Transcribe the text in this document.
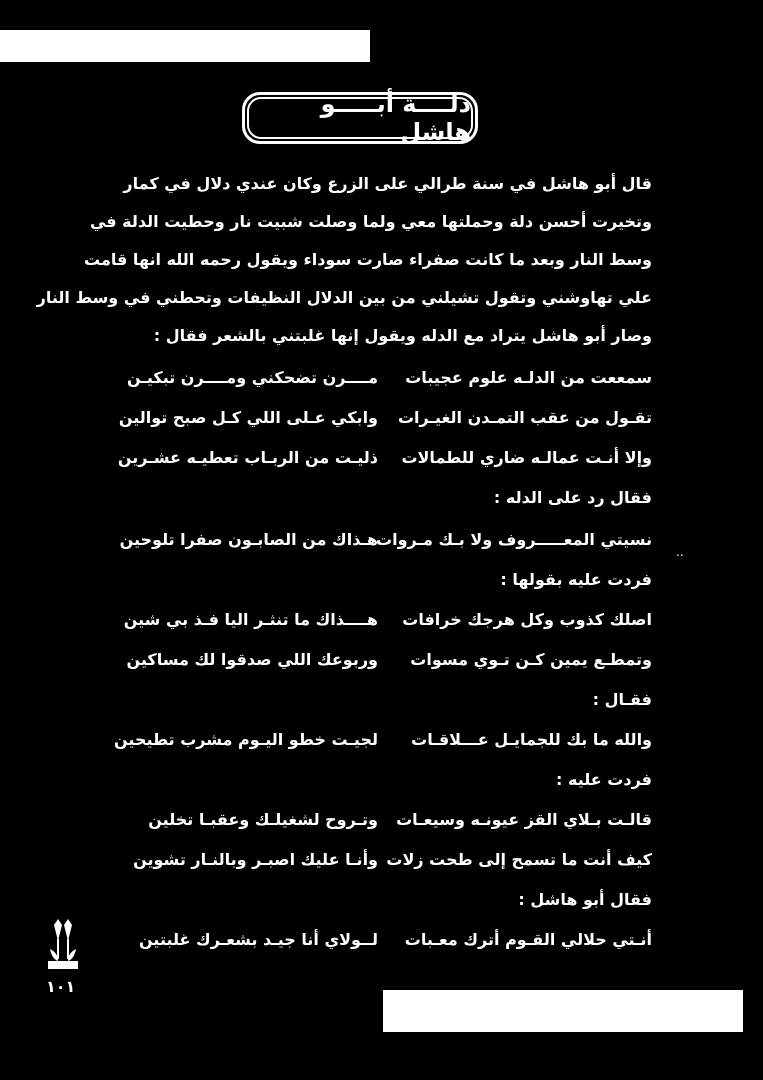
دلــــة أبـــــو هاشل
قال أبو هاشل في سنة طرالي على الزرع وكان عندي دلال في كمار
وتخيرت أحسن دلة وحملتها معي ولما وصلت شبيت نار وحطيت الدلة في
وسط النار وبعد ما كانت صفراء صارت سوداء ويقول رحمه الله انها قامت
علي تهاوشني وتقول تشيلني من بين الدلال النظيفات وتحطني في وسط النار
وصار أبو هاشل يتراد مع الدله ويقول إنها غلبتني بالشعر فقال :
سمععت من الدلـه علوم عجيبات
مــــرن تضحكني ومــــرن تبكيـن
تقـول من عقب التمـدن الغيـرات
وابكي عـلى اللي كـل صبح توالين
وإلا أنـت عمالـه ضاري للطمالات
ذليـت من الربـاب تعطيـه عشـرين
فقال رد على الدله :
نسيتي المعـــــروف ولا بـك مـروات
هـذاك من الصابـون صفرا تلوحين
فردت عليه بقولها :
اصلك كذوب وكل هرجك خرافات
هــــذاك ما تنثـر اليا فـذ بي شين
وتمطـع يمين كـن تـوي مسوات
وربوعك اللي صدقوا لك مساكين
فقـال :
والله ما بك للجمايـل عـــلاقـات
لجيـت خطو اليـوم مشرب تطيحين
فردت عليه :
قالـت بـلاي القز عيونـه وسيعـات
وتـروح لشغيلـك وعقبـا تخلين
كيف أنت ما تسمح إلى طحت زلات
وأنـا عليك اصبـر وبالنـار تشوين
فقال أبو هاشل :
أنـتي حلالي القـوم أترك معـبات
لــولاي أنا جيـد بشعـرك غلبتين
..
١٠١
